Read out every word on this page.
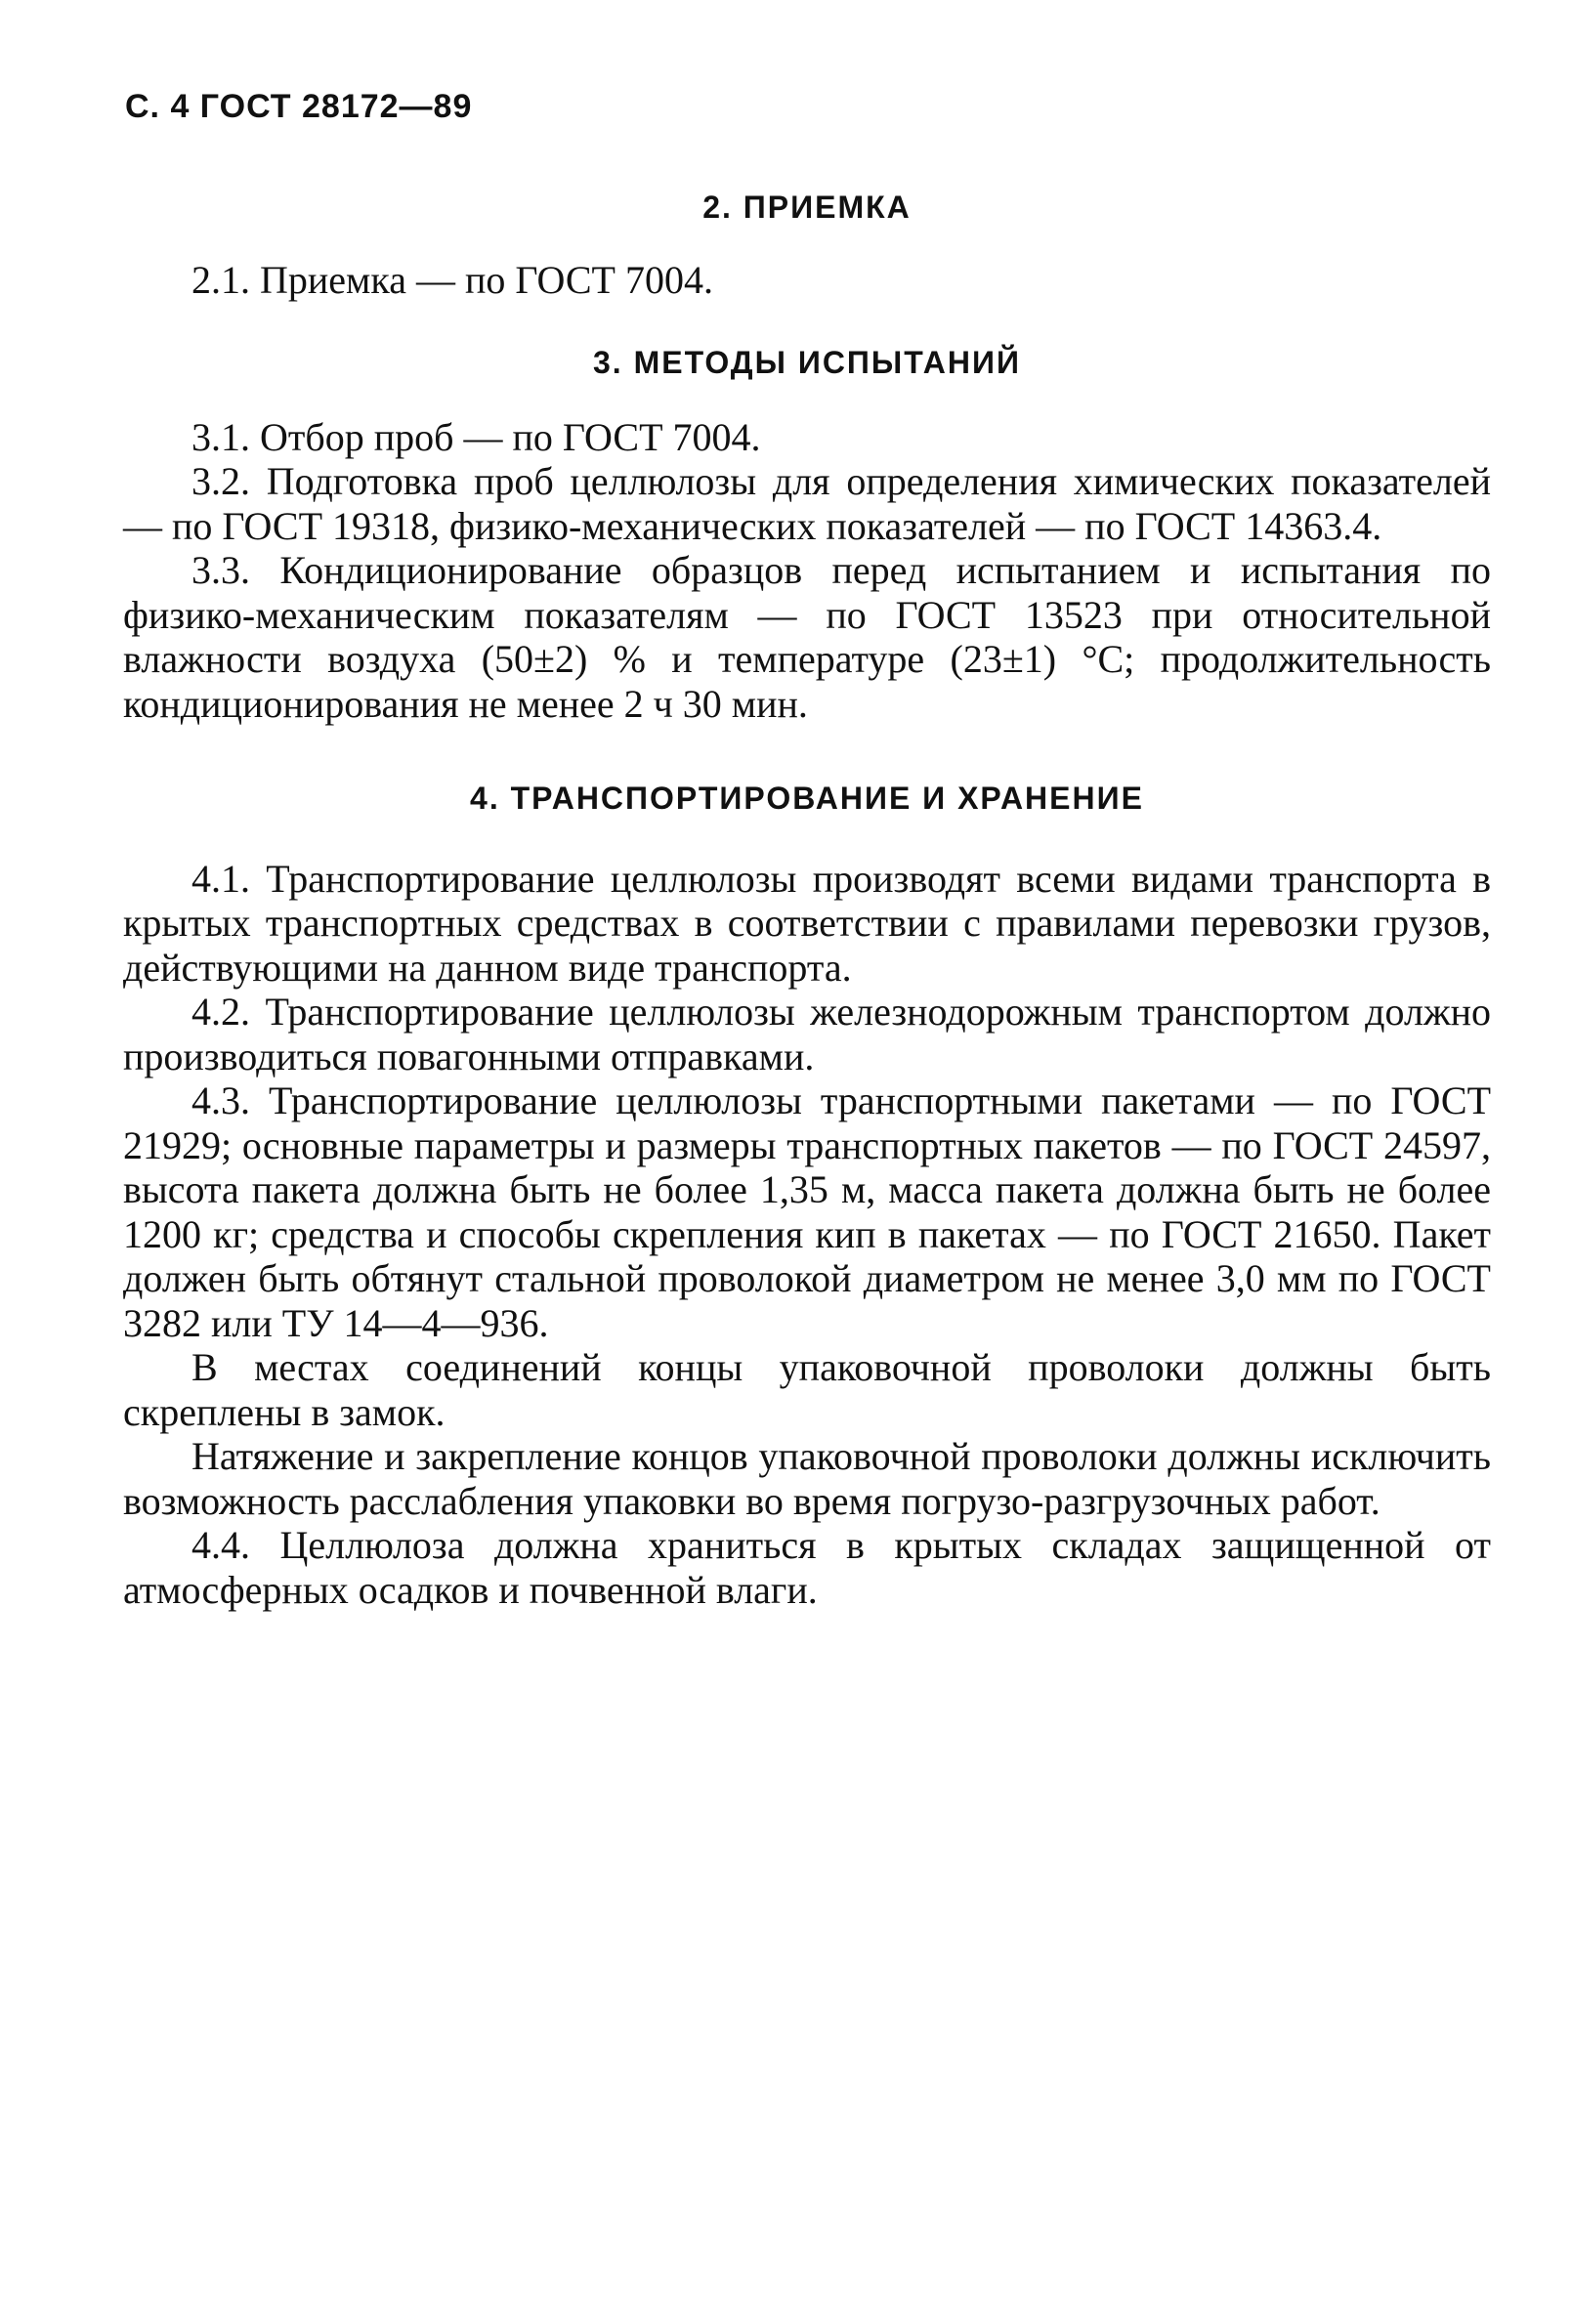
С. 4 ГОСТ 28172—89
2. ПРИЕМКА

2.1. Приемка — по ГОСТ 7004.

3. МЕТОДЫ ИСПЫТАНИЙ

3.1. Отбор проб — по ГОСТ 7004.

3.2. Подготовка проб целлюлозы для определения химических показателей — по ГОСТ 19318, физико-механических показателей — по ГОСТ 14363.4.

3.3. Кондиционирование образцов перед испытанием и испытания по физико-механическим показателям — по ГОСТ 13523 при относительной влажности воздуха (50±2) % и температуре (23±1) °С; продолжительность кондиционирования не менее 2 ч 30 мин.

4. ТРАНСПОРТИРОВАНИЕ И ХРАНЕНИЕ

4.1. Транспортирование целлюлозы производят всеми видами транспорта в крытых транспортных средствах в соответствии с правилами перевозки грузов, действующими на данном виде транспорта.

4.2. Транспортирование целлюлозы железнодорожным транспортом должно производиться повагонными отправками.

4.3. Транспортирование целлюлозы транспортными пакетами — по ГОСТ 21929; основные параметры и размеры транспортных пакетов — по ГОСТ 24597, высота пакета должна быть не более 1,35 м, масса пакета должна быть не более 1200 кг; средства и способы скрепления кип в пакетах — по ГОСТ 21650. Пакет должен быть обтянут стальной проволокой диаметром не менее 3,0 мм по ГОСТ 3282 или ТУ 14—4—936.

В местах соединений концы упаковочной проволоки должны быть скреплены в замок.

Натяжение и закрепление концов упаковочной проволоки должны исключить возможность расслабления упаковки во время погрузо-разгрузочных работ.

4.4. Целлюлоза должна храниться в крытых складах защищенной от атмосферных осадков и почвенной влаги.
